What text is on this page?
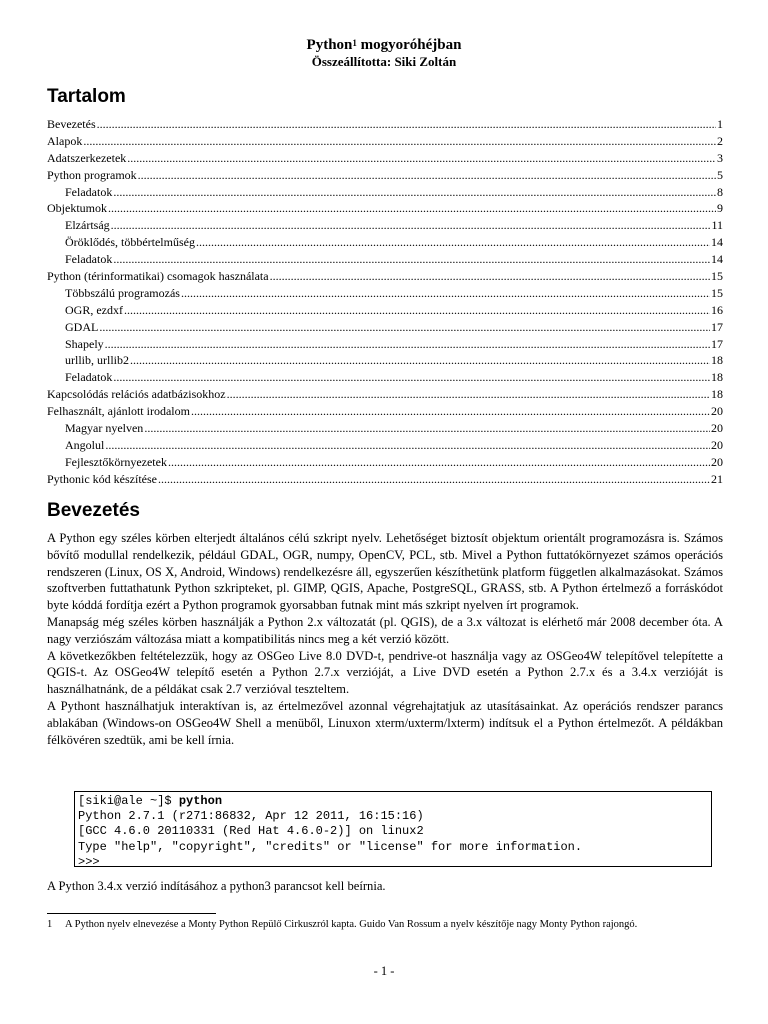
Python$^1$ mogyoróhéjban
Összeállította: Siki Zoltán
Tartalom
Bevezetés .....	1
Alapok .....	2
Adatszerkezetek .....	3
Python programok .....	5
Feladatok .....	8
Objektumok .....	9
Elzártság .....	11
Öröklődés, többértelműség .....	14
Feladatok .....	14
Python (térinformatikai) csomagok használata .....	15
Többszálú programozás .....	15
OGR, ezdxf .....	16
GDAL .....	17
Shapely .....	17
urllib, urllib2 .....	18
Feladatok .....	18
Kapcsolódás relációs adatbázisokhoz .....	18
Felhasznált, ajánlott irodalom .....	20
Magyar nyelven .....	20
Angolul .....	20
Fejlesztőkörnyezetek .....	20
Pythonic kód készítése .....	21
Bevezetés

A Python egy széles körben elterjedt általános célú szkript nyelv. Lehetőséget biztosít objektum orientált programozásra is. Számos bővítő modullal rendelkezik, például GDAL, OGR, numpy, OpenCV, PCL, stb. Mivel a Python futtatókörnyezet számos operációs rendszeren (Linux, OS X, Android, Windows) rendelkezésre áll, egyszerűen készíthetünk platform független alkalmazásokat. Számos szoftverben futtathatunk Python szkripteket, pl. GIMP, QGIS, Apache, PostgreSQL, GRASS, stb. A Python értelmező a forráskódot byte kóddá fordítja ezért a Python programok gyorsabban futnak mint más szkript nyelven írt programok.

Manapság még széles körben használják a Python 2.x változatát (pl. QGIS), de a 3.x változat is elérhető már 2008 december óta. A nagy verziószám változása miatt a kompatibilitás nincs meg a két verzió között.

A következőkben feltételezzük, hogy az OSGeo Live 8.0 DVD-t, pendrive-ot használja vagy az OSGeo4W telepítővel telepítette a QGIS-t. Az OSGeo4W telepítő esetén a Python 2.7.x verzióját, a Live DVD esetén a Python 2.7.x és a 3.4.x verzióját is használhatnánk, de a példákat csak 2.7 verzióval teszteltem.

A Pythont használhatjuk interaktívan is, az értelmezővel azonnal végrehajtatjuk az utasításainkat. Az operációs rendszer parancs ablakában (Windows-on OSGeo4W Shell a menüből, Linuxon xterm/uxterm/lxterm) indítsuk el a Python értelmezőt. A példákban félkövéren szedtük, ami be kell írnia.

[siki@ale ~]$ python
Python 2.7.1 (r271:86832, Apr 12 2011, 16:15:16)
[GCC 4.6.0 20110331 (Red Hat 4.6.0-2)] on linux2
Type "help", "copyright", "credits" or "license" for more information.
>>>

A Python 3.4.x verzió indításához a python3 parancsot kell beírnia.

1 A Python nyelv elnevezése a Monty Python Repülő Cirkuszról kapta. Guido Van Rossum a nyelv készítője nagy Monty Python rajongó.
- 1 -
